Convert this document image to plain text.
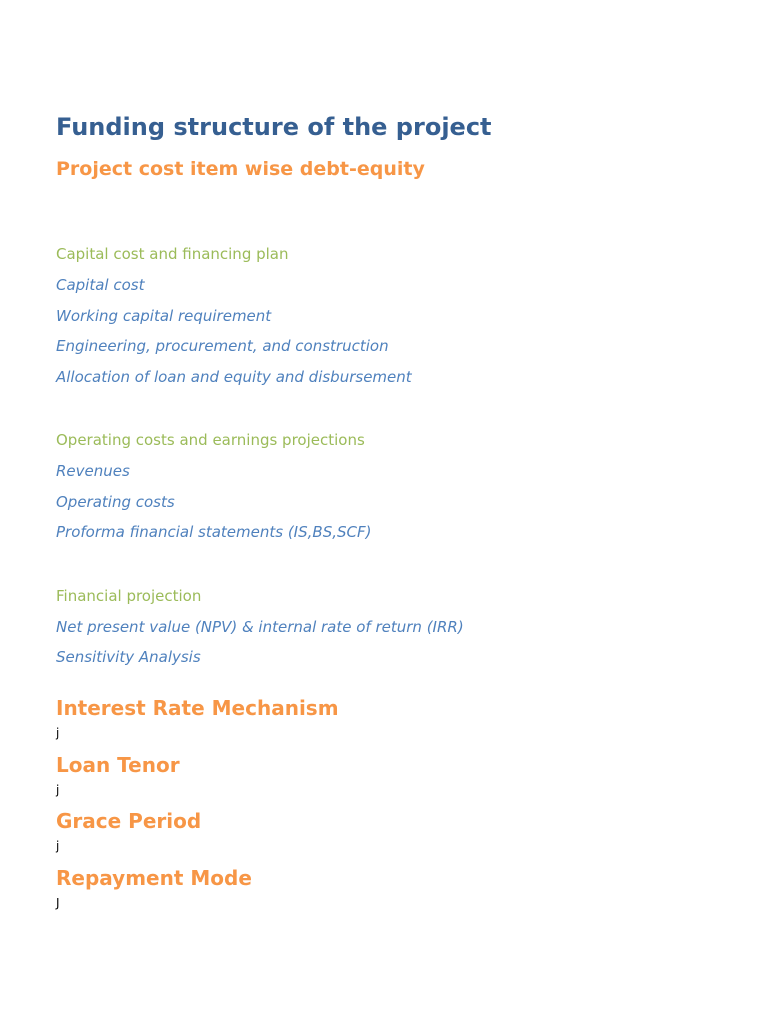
Funding structure of the project
Project cost item wise debt-equity
Capital cost and financing plan
Capital cost
Working capital requirement
Engineering, procurement, and construction
Allocation of loan and equity and disbursement
Operating costs and earnings projections
Revenues
Operating costs
Proforma financial statements (IS,BS,SCF)
Financial projection
Net present value (NPV) & internal rate of return (IRR)
Sensitivity Analysis
Interest Rate Mechanism
j
Loan Tenor
j
Grace Period
j
Repayment Mode
J
